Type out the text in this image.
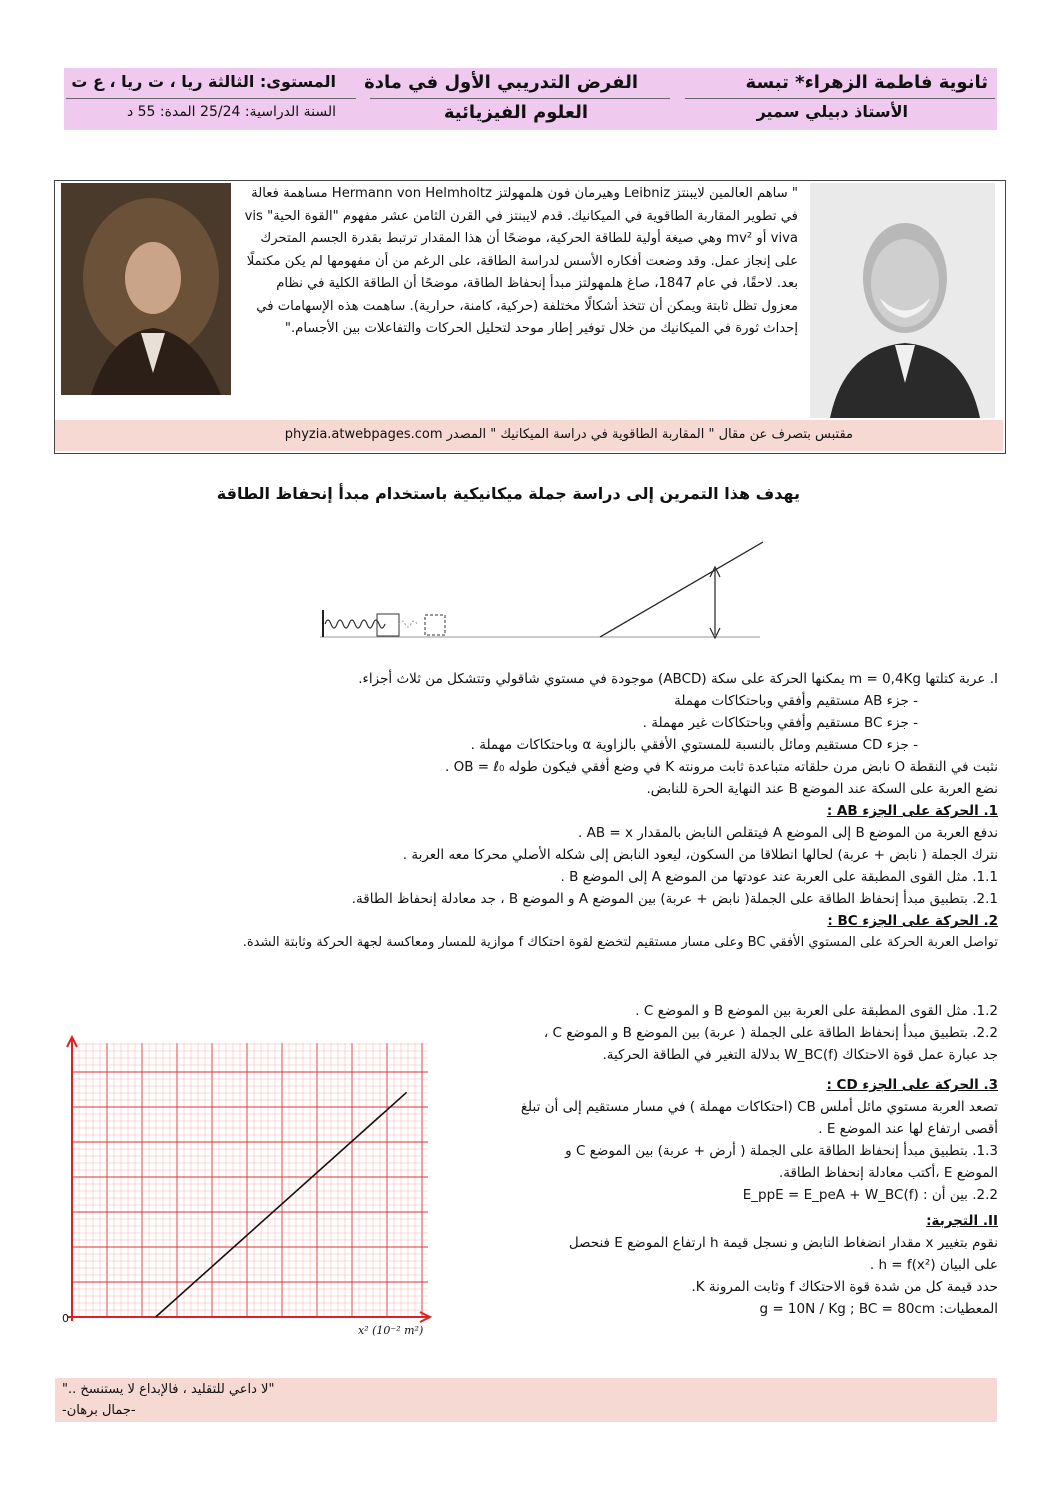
ثانوية فاطمة الزهراء* تبسة
الأستاذ دبيلي سمير
الفرض التدريبي الأول في مادة
العلوم الفيزيائية
المستوى: الثالثة ريا ، ت ريا ، ع ت
السنة الدراسية: 25/24 المدة: 55 د
" ساهم العالمين لايبنتز Leibniz وهيرمان فون هلمهولتز Hermann von Helmholtz مساهمة فعالة في تطوير المقاربة الطاقوية في الميكانيك. قدم لايبنتز في القرن الثامن عشر مفهوم "القوة الحية" vis viva أو mv² وهي صيغة أولية للطاقة الحركية، موضحًا أن هذا المقدار ترتبط بقدرة الجسم المتحرك على إنجاز عمل. وقد وضعت أفكاره الأسس لدراسة الطاقة، على الرغم من أن مفهومها لم يكن مكتملًا بعد. لاحقًا، في عام 1847، صاغ هلمهولتز مبدأ إنحفاظ الطاقة، موضحًا أن الطاقة الكلية في نظام معزول تظل ثابتة ويمكن أن تتخذ أشكالًا مختلفة (حركية، كامنة، حرارية). ساهمت هذه الإسهامات في إحداث ثورة في الميكانيك من خلال توفير إطار موحد لتحليل الحركات والتفاعلات بين الأجسام."
مقتبس بتصرف عن مقال " المقاربة الطاقوية في دراسة الميكانيك " المصدر phyzia.atwebpages.com
يهدف هذا التمرين إلى دراسة جملة ميكانيكية باستخدام مبدأ إنحفاظ الطاقة
I. عربة كتلتها m = 0,4Kg يمكنها الحركة على سكة (ABCD) موجودة في مستوي شاقولي وتتشكل من ثلاث أجزاء.
- جزء AB مستقيم وأفقي وباحتكاكات مهملة
- جزء BC مستقيم وأفقي وباحتكاكات غير مهملة .
- جزء CD مستقيم ومائل بالنسبة للمستوي الأفقي بالزاوية α وباحتكاكات مهملة .
نثبت في النقطة O نابض مرن حلقاته متباعدة ثابت مرونته K في وضع أفقي فيكون طوله OB = ℓ₀ .
نضع العربة على السكة عند الموضع B عند النهاية الحرة للنابض.
1. الحركة على الجزء AB :
ندفع العربة من الموضع B إلى الموضع A فيتقلص النابض بالمقدار AB = x .
نترك الجملة ( نابض + عربة) لحالها انطلاقا من السكون، ليعود النابض إلى شكله الأصلي محركا معه العربة .
1.1. مثل القوى المطبقة على العربة عند عودتها من الموضع A إلى الموضع B .
2.1. بتطبيق مبدأ إنحفاظ الطاقة على الجملة( نابض + عربة) بين الموضع A و الموضع B ، جد معادلة إنحفاظ الطاقة.
2. الحركة على الجزء BC :
تواصل العربة الحركة على المستوي الأفقي BC وعلى مسار مستقيم لتخضع لقوة احتكاك f موازية للمسار ومعاكسة لجهة الحركة وثابتة الشدة.
1.2. مثل القوى المطبقة على العربة بين الموضع B و الموضع C .
2.2. بتطبيق مبدأ إنحفاظ الطاقة على الجملة ( عربة) بين الموضع B و الموضع C ،
جد عبارة عمل قوة الاحتكاك W_BC(f) بدلالة التغير في الطاقة الحركية.
3. الحركة على الجزء CD :
تصعد العربة مستوي مائل أملس CB (احتكاكات مهملة ) في مسار مستقيم إلى أن تبلغ
أقصى ارتفاع لها عند الموضع E .
1.3. بتطبيق مبدأ إنحفاظ الطاقة على الجملة ( أرض + عربة) بين الموضع C و
الموضع E ،أكتب معادلة إنحفاظ الطاقة.
2.2. بين أن : E_ppE = E_peA + W_BC(f)
II. التجربة:
نقوم بتغيير x مقدار انضغاط النابض و نسجل قيمة h ارتفاع الموضع E فنحصل
على البيان h = f(x²) .
حدد قيمة كل من شدة قوة الاحتكاك f وثابت المرونة K.
المعطيات: g = 10N / Kg ; BC = 80cm
0
x² (10⁻² m²)
"لا داعي للتقليد ، فالإبداع لا يستنسخ .."
-جمال برهان-
